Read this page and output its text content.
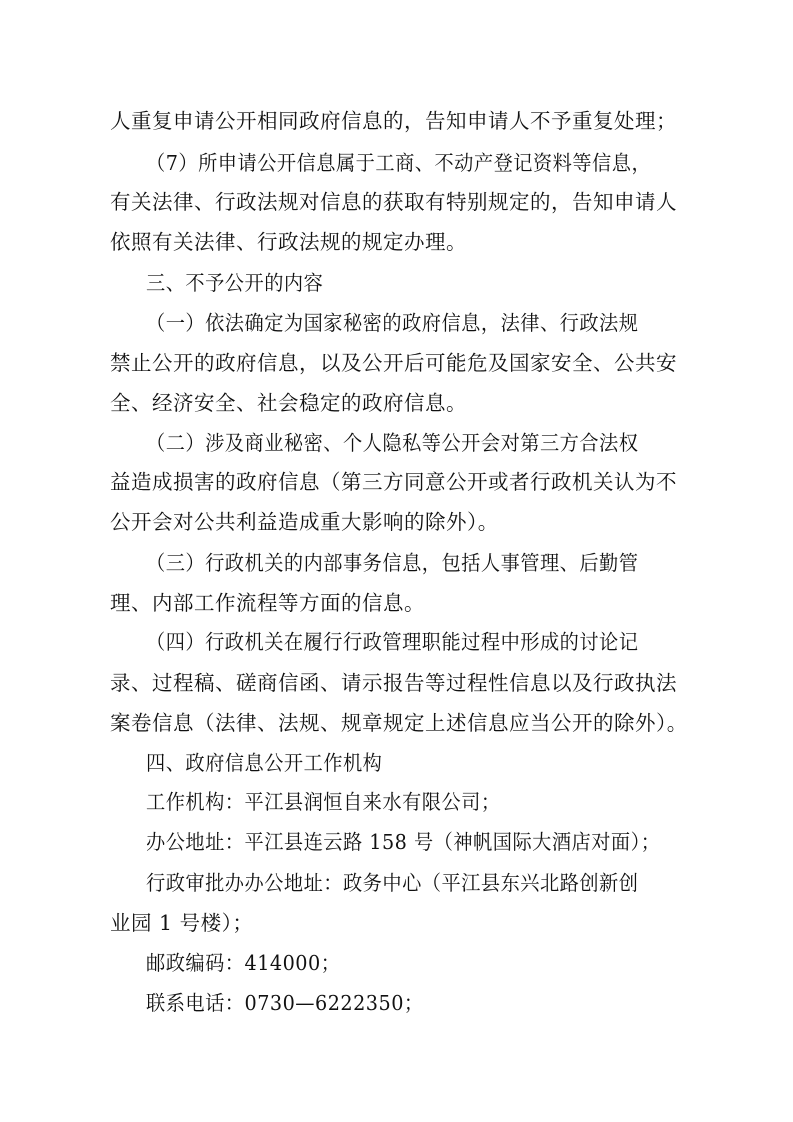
人重复申请公开相同政府信息的，告知申请人不予重复处理；
（7）所申请公开信息属于工商、不动产登记资料等信息，
有关法律、行政法规对信息的获取有特别规定的，告知申请人
依照有关法律、行政法规的规定办理。
三、不予公开的内容
（一）依法确定为国家秘密的政府信息，法律、行政法规
禁止公开的政府信息，以及公开后可能危及国家安全、公共安
全、经济安全、社会稳定的政府信息。
（二）涉及商业秘密、个人隐私等公开会对第三方合法权
益造成损害的政府信息（第三方同意公开或者行政机关认为不
公开会对公共利益造成重大影响的除外）。
（三）行政机关的内部事务信息，包括人事管理、后勤管
理、内部工作流程等方面的信息。
（四）行政机关在履行行政管理职能过程中形成的讨论记
录、过程稿、磋商信函、请示报告等过程性信息以及行政执法
案卷信息（法律、法规、规章规定上述信息应当公开的除外）。
四、政府信息公开工作机构
工作机构：平江县润恒自来水有限公司；
办公地址：平江县连云路 158 号（神帆国际大酒店对面）；
行政审批办办公地址：政务中心（平江县东兴北路创新创
业园 1 号楼）；
邮政编码：414000；
联系电话：0730—6222350；
